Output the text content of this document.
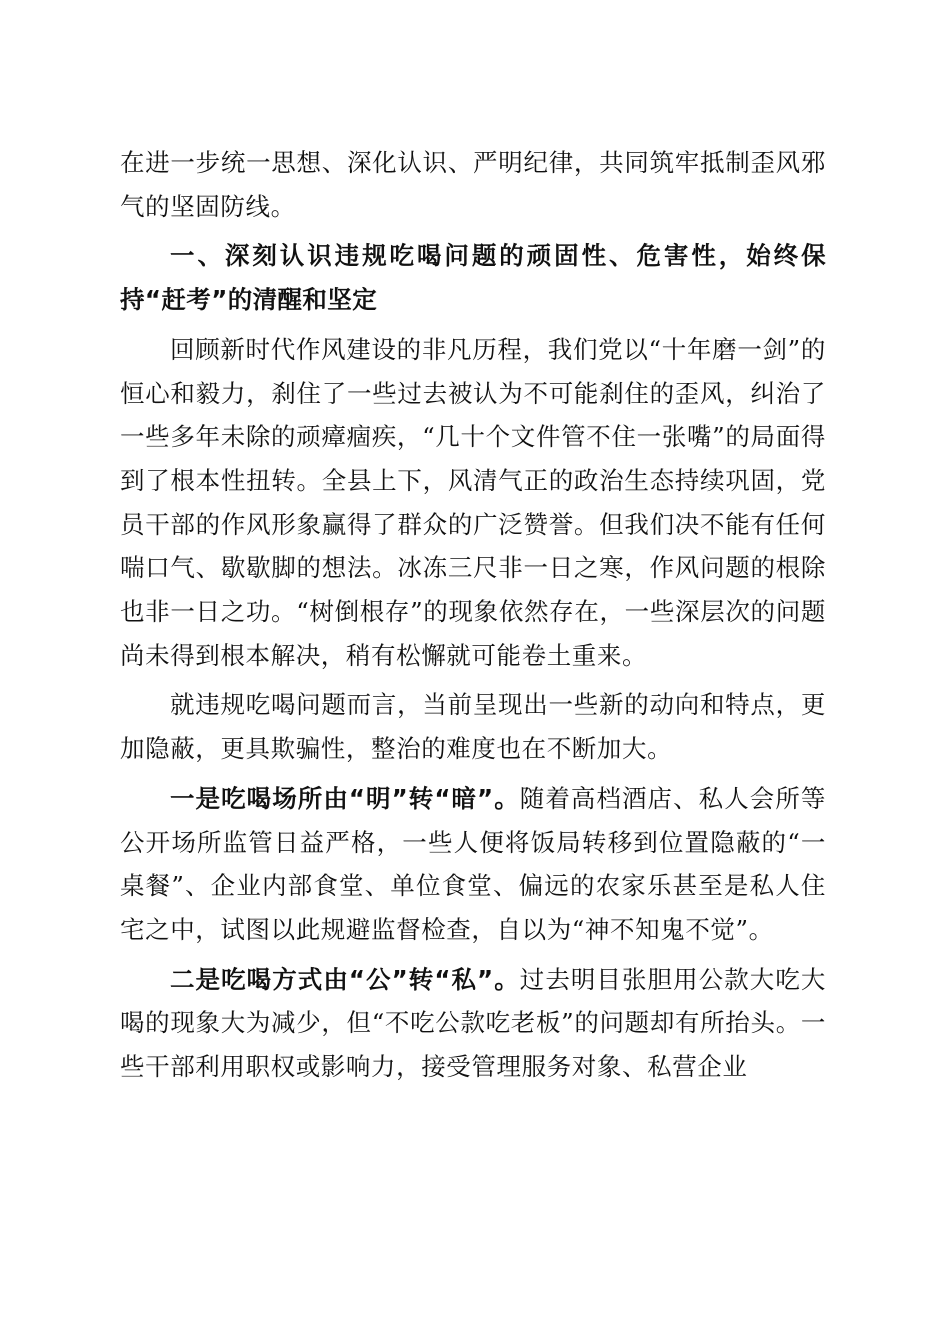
在进一步统一思想、深化认识、严明纪律，共同筑牢抵制歪风邪气的坚固防线。

一、深刻认识违规吃喝问题的顽固性、危害性，始终保持“赶考”的清醒和坚定

回顾新时代作风建设的非凡历程，我们党以“十年磨一剑”的恒心和毅力，刹住了一些过去被认为不可能刹住的歪风，纠治了一些多年未除的顽瘴痼疾，“几十个文件管不住一张嘴”的局面得到了根本性扭转。全县上下，风清气正的政治生态持续巩固，党员干部的作风形象赢得了群众的广泛赞誉。但我们决不能有任何喘口气、歇歇脚的想法。冰冻三尺非一日之寒，作风问题的根除也非一日之功。“树倒根存”的现象依然存在，一些深层次的问题尚未得到根本解决，稍有松懈就可能卷土重来。

就违规吃喝问题而言，当前呈现出一些新的动向和特点，更加隐蔽，更具欺骗性，整治的难度也在不断加大。

一是吃喝场所由“明”转“暗”。随着高档酒店、私人会所等公开场所监管日益严格，一些人便将饭局转移到位置隐蔽的“一桌餐”、企业内部食堂、单位食堂、偏远的农家乐甚至是私人住宅之中，试图以此规避监督检查，自以为“神不知鬼不觉”。

二是吃喝方式由“公”转“私”。过去明目张胆用公款大吃大喝的现象大为减少，但“不吃公款吃老板”的问题却有所抬头。一些干部利用职权或影响力，接受管理服务对象、私营企业
